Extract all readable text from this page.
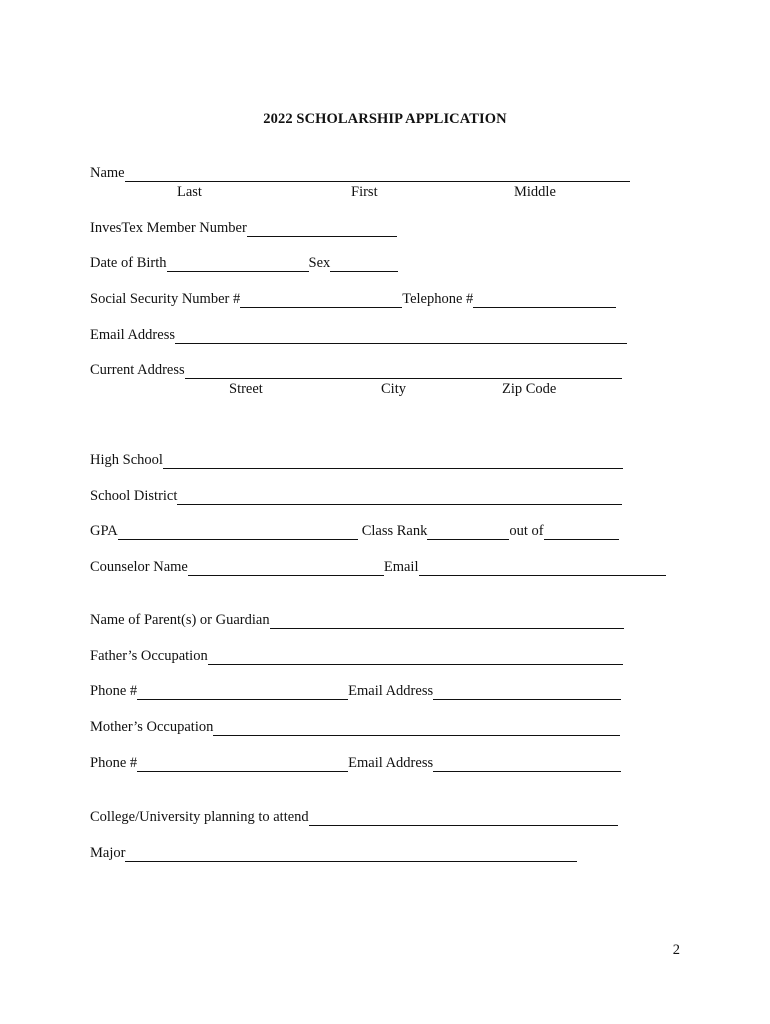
2022 SCHOLARSHIP APPLICATION
Name
Last	First	Middle
InvesTex Member Number
Date of Birth	Sex
Social Security Number #	Telephone #
Email Address
Current Address
Street	City	Zip Code
High School
School District
GPA	Class Rank	out of
Counselor Name	Email
Name of Parent(s) or Guardian
Father’s Occupation
Phone #	Email Address
Mother’s Occupation
Phone #	Email Address
College/University planning to attend
Major
2
